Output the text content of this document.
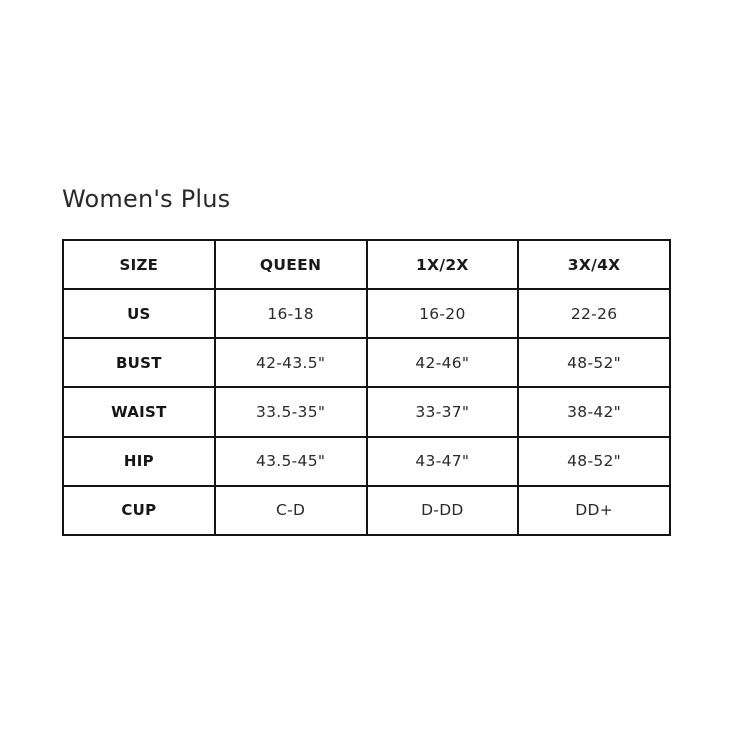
Women's Plus
SIZE	QUEEN	1X/2X	3X/4X
US	16-18	16-20	22-26
BUST	42-43.5"	42-46"	48-52"
WAIST	33.5-35"	33-37"	38-42"
HIP	43.5-45"	43-47"	48-52"
CUP	C-D	D-DD	DD+
